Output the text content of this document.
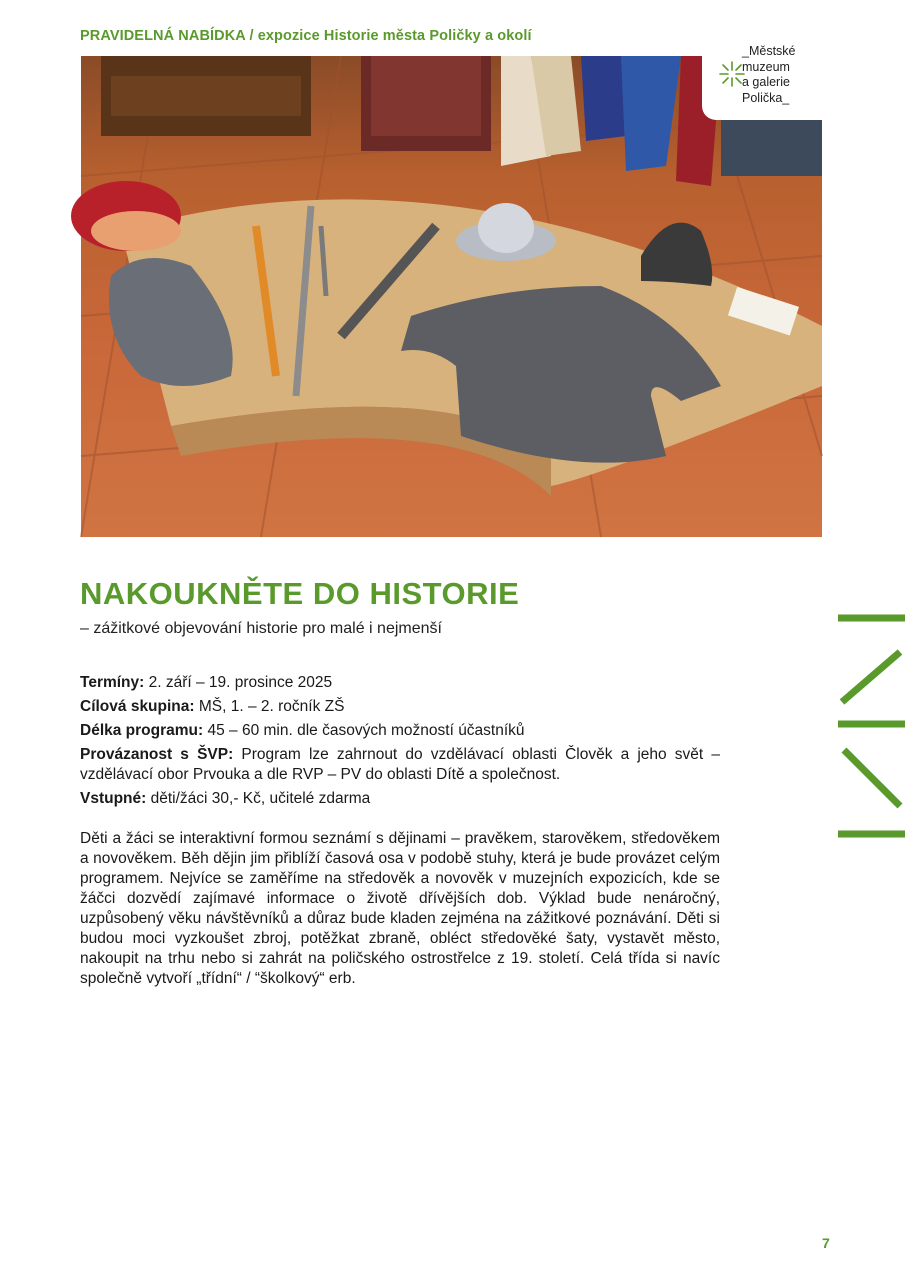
PRAVIDELNÁ NABÍDKA / expozice Historie města Poličky a okolí
_Městské
muzeum
a galerie
Polička_
NAKOUKNĚTE DO HISTORIE
– zážitkové objevování historie pro malé i nejmenší
Termíny: 2. září – 19. prosince 2025
Cílová skupina: MŠ, 1. – 2. ročník ZŠ
Délka programu: 45 – 60 min. dle časových možností účastníků
Provázanost s ŠVP: Program lze zahrnout do vzdělávací oblasti Člověk a jeho svět – vzdělávací obor Prvouka a dle RVP – PV do oblasti Dítě a společnost.
Vstupné: děti/žáci 30,- Kč, učitelé zdarma

Děti a žáci se interaktivní formou seznámí s dějinami – pravěkem, starověkem, středověkem a novověkem. Běh dějin jim přiblíží časová osa v podobě stuhy, která je bude provázet celým programem. Nejvíce se zaměříme na středověk a novověk v muzejních expozicích, kde se žáčci dozvědí zajímavé informace o životě dřívějších dob. Výklad bude nenáročný, uzpůsobený věku návštěvníků a důraz bude kladen zejména na zážitkové poznávání. Děti si budou moci vyzkoušet zbroj, potěžkat zbraně, obléct středověké šaty, vystavět město, nakoupit na trhu nebo si zahrát na poličského ostrostřelce z 19. století. Celá třída si navíc společně vytvoří „třídní“ / “školkový“ erb.

7
